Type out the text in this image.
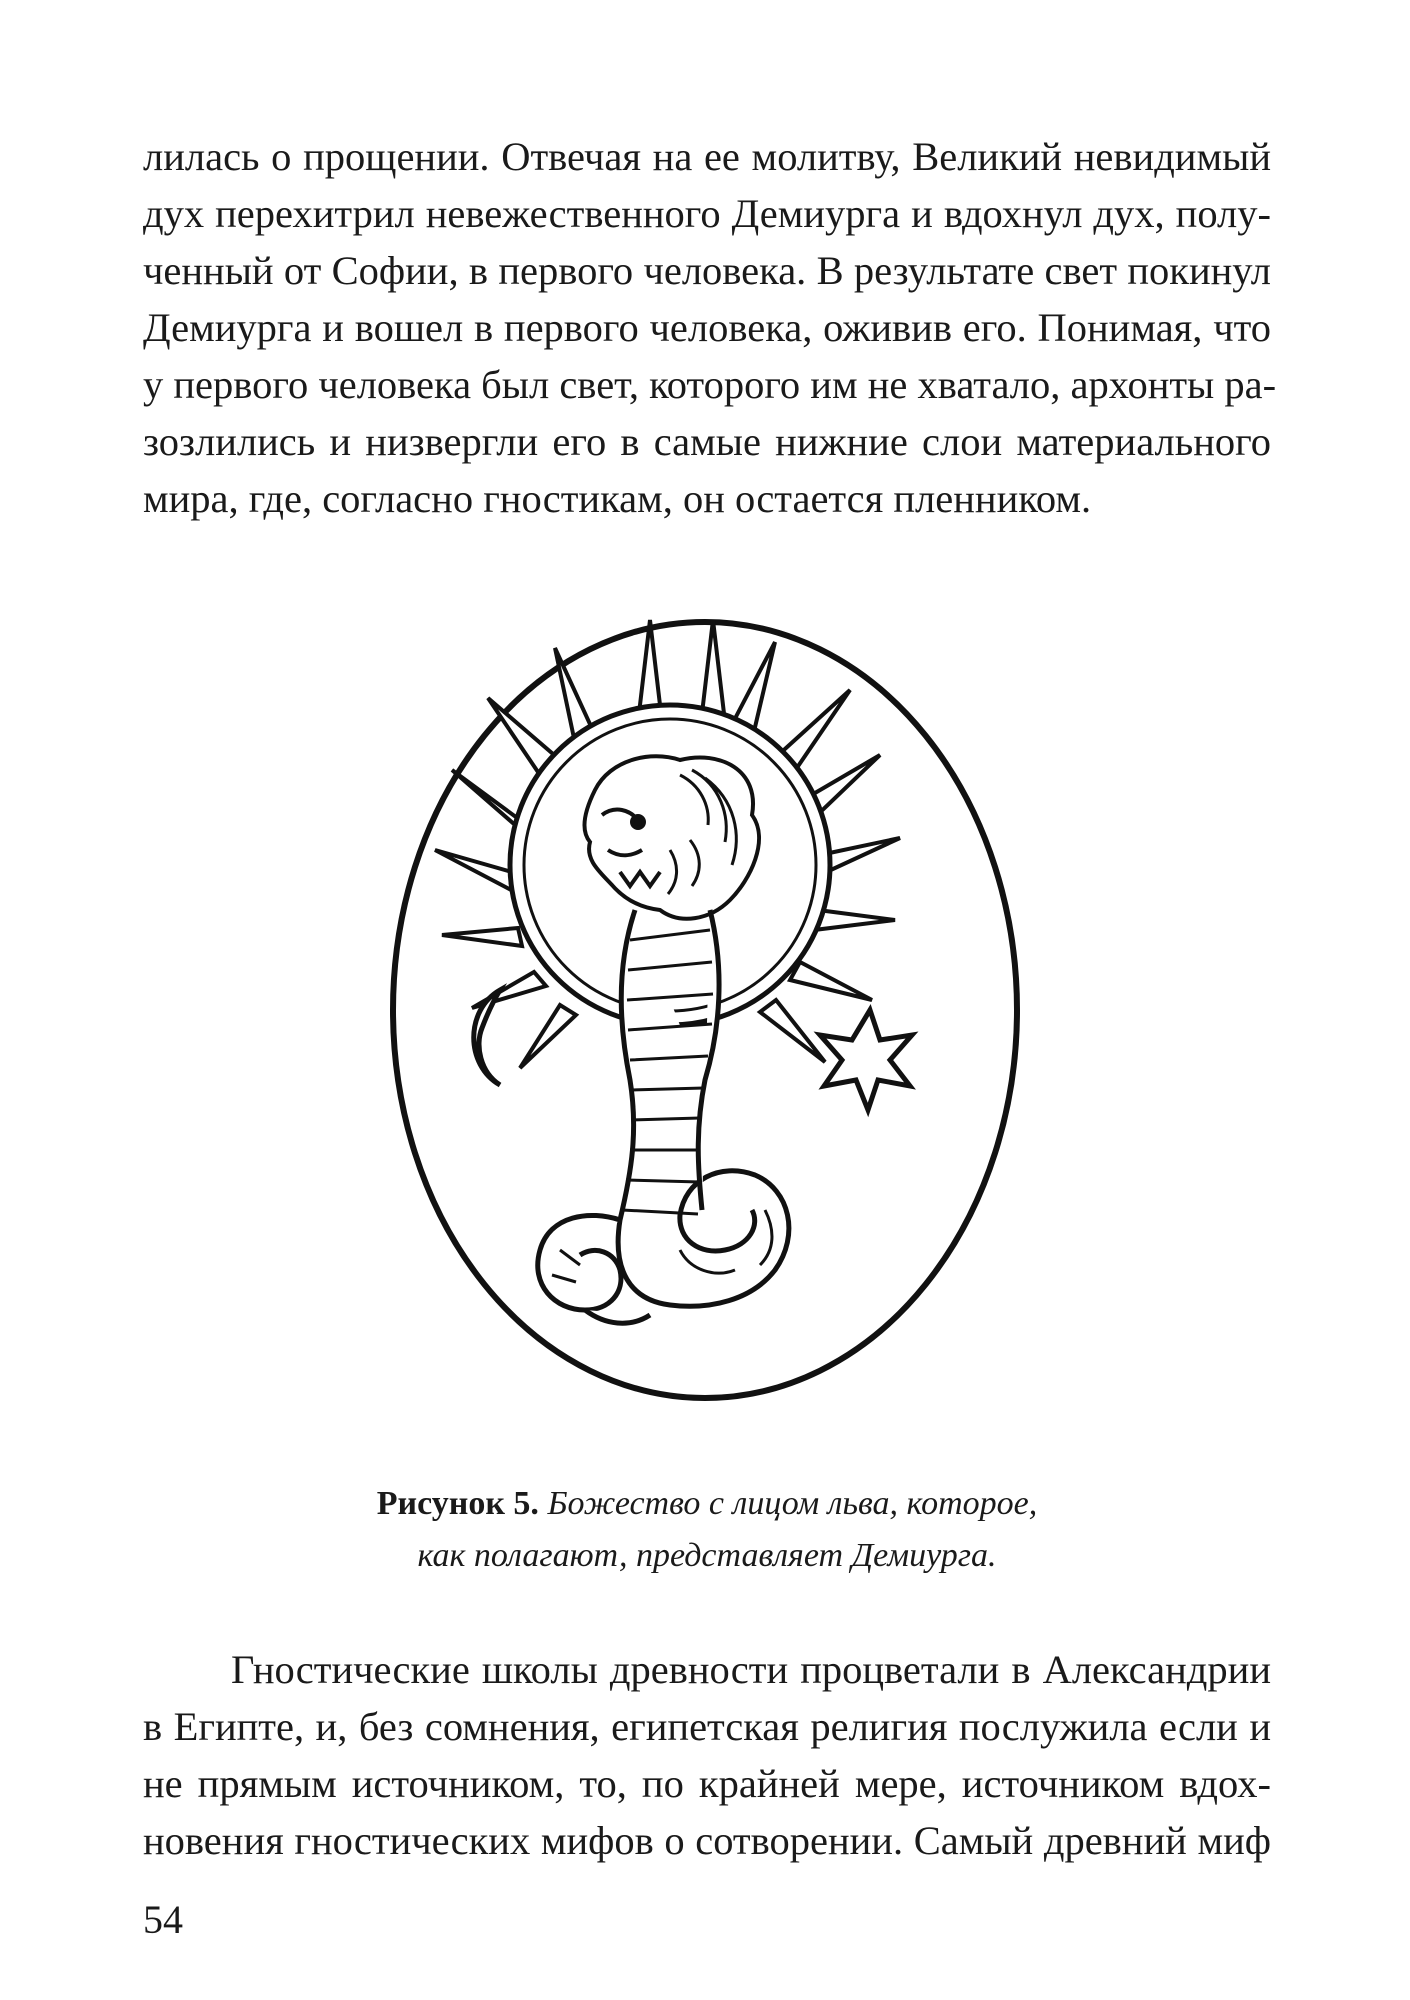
лилась о прощении. Отвечая на ее молитву, Великий невидимый
дух перехитрил невежественного Демиурга и вдохнул дух, полу-
ченный от Софии, в первого человека. В результате свет покинул
Демиурга и вошел в первого человека, оживив его. Понимая, что
у первого человека был свет, которого им не хватало, архонты ра-
зозлились и низвергли его в самые нижние слои материального
мира, где, согласно гностикам, он остается пленником.
Рисунок 5. Божество с лицом льва, которое,
как полагают, представляет Демиурга.
Гностические школы древности процветали в Александрии
в Египте, и, без сомнения, египетская религия послужила если и
не прямым источником, то, по крайней мере, источником вдох-
новения гностических мифов о сотворении. Самый древний миф
54
